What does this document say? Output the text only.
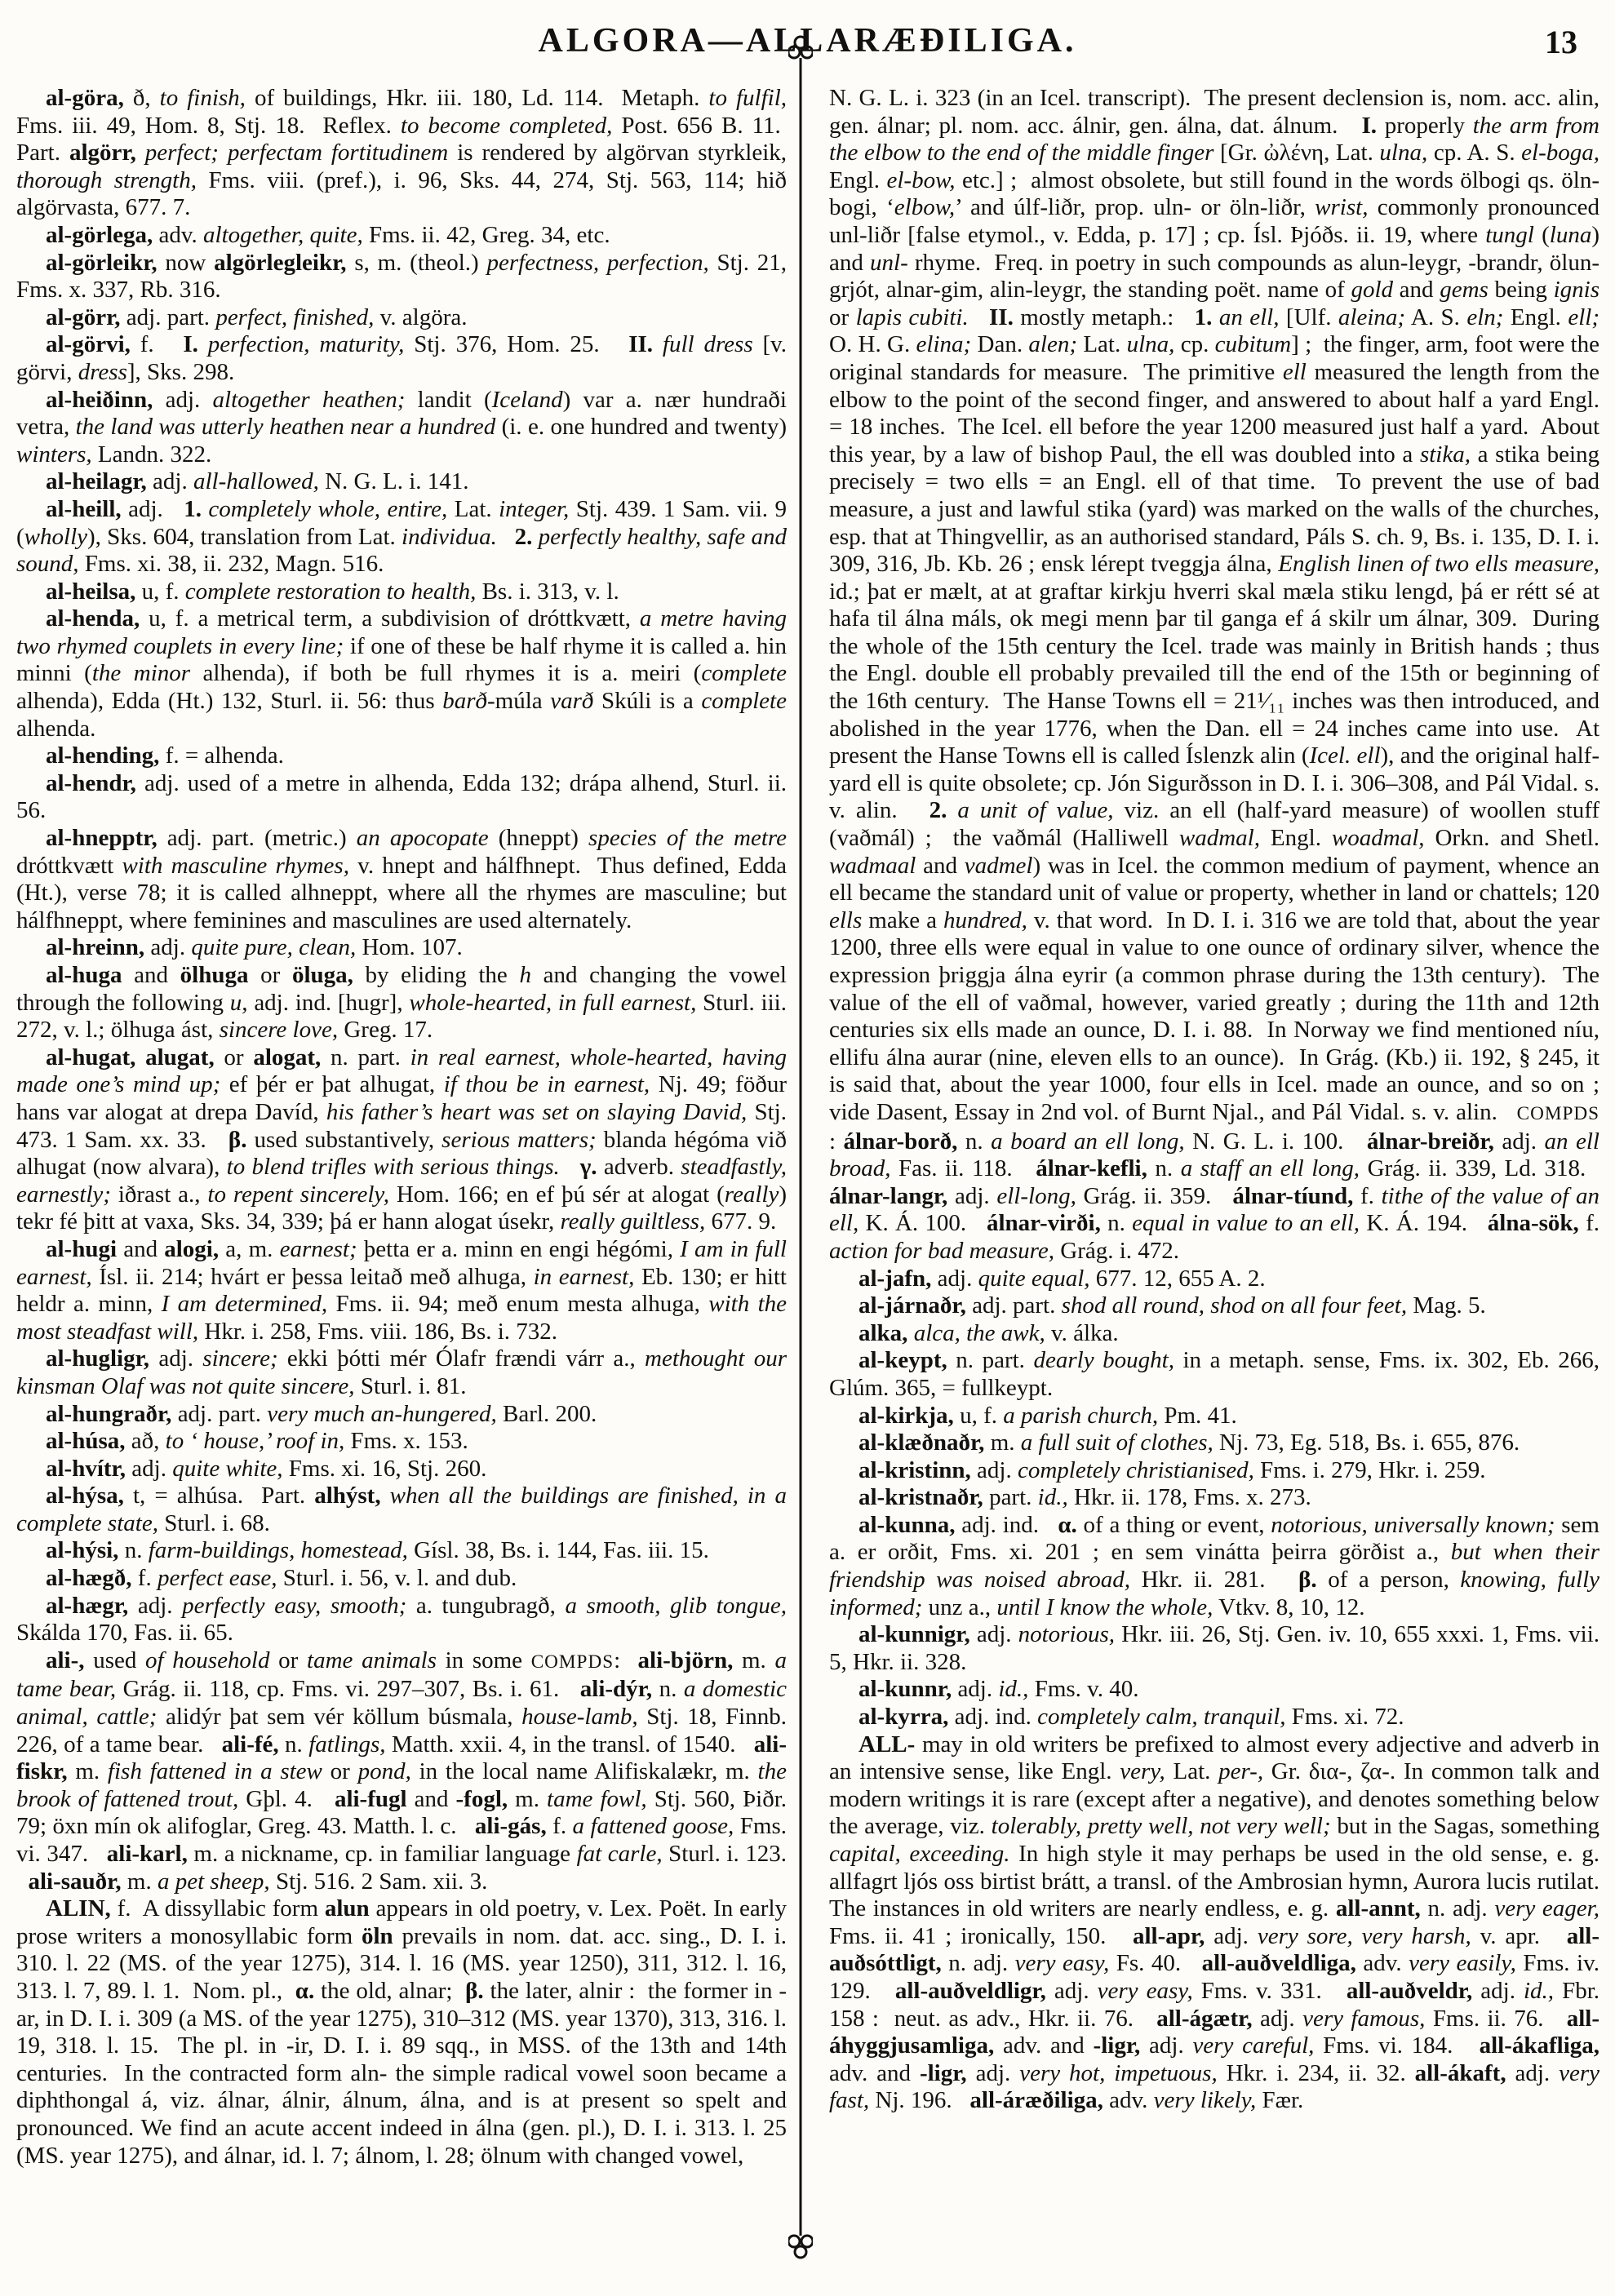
ALGORA—ALLARÆÐILIGA.	13

al-göra, ð, to finish, of buildings, Hkr. iii. 180, Ld. 114.  Metaph. to fulfil, Fms. iii. 49, Hom. 8, Stj. 18.  Reflex. to become completed, Post. 656 B. 11.  Part. algörr, perfect; perfectam fortitudinem is rendered by algörvan styrkleik, thorough strength, Fms. viii. (pref.), i. 96, Sks. 44, 274, Stj. 563, 114; hið algörvasta, 677. 7.

al-görlega, adv. altogether, quite, Fms. ii. 42, Greg. 34, etc.

al-görleikr, now algörlegleikr, s, m. (theol.) perfectness, perfection, Stj. 21, Fms. x. 337, Rb. 316.

al-görr, adj. part. perfect, finished, v. algöra.

al-görvi, f.   I. perfection, maturity, Stj. 376, Hom. 25.   II. full dress [v. görvi, dress], Sks. 298.

al-heiðinn, adj. altogether heathen; landit (Iceland) var a. nær hundraði vetra, the land was utterly heathen near a hundred (i. e. one hundred and twenty) winters, Landn. 322.

al-heilagr, adj. all-hallowed, N. G. L. i. 141.

al-heill, adj.   1. completely whole, entire, Lat. integer, Stj. 439. 1 Sam. vii. 9 (wholly), Sks. 604, translation from Lat. individua. 2. perfectly healthy, safe and sound, Fms. xi. 38, ii. 232, Magn. 516.

al-heilsa, u, f. complete restoration to health, Bs. i. 313, v. l.

al-henda, u, f. a metrical term, a subdivision of dróttkvætt, a metre having two rhymed couplets in every line; if one of these be half rhyme it is called a. hin minni (the minor alhenda), if both be full rhymes it is a. meiri (complete alhenda), Edda (Ht.) 132, Sturl. ii. 56: thus barð-múla varð Skúli is a complete alhenda.

al-hending, f. = alhenda.

al-hendr, adj. used of a metre in alhenda, Edda 132; drápa alhend, Sturl. ii. 56.

al-hnepptr, adj. part. (metric.) an apocopate (hneppt) species of the metre dróttkvætt with masculine rhymes, v. hnept and hálfhnept.  Thus defined, Edda (Ht.), verse 78; it is called alhneppt, where all the rhymes are masculine; but hálfhneppt, where feminines and masculines are used alternately.

al-hreinn, adj. quite pure, clean, Hom. 107.

al-huga and ölhuga or öluga, by eliding the h and changing the vowel through the following u, adj. ind. [hugr], whole-hearted, in full earnest, Sturl. iii. 272, v. l.; ölhuga ást, sincere love, Greg. 17.

al-hugat, alugat, or alogat, n. part. in real earnest, whole-hearted, having made one’s mind up; ef þér er þat alhugat, if thou be in earnest, Nj. 49; föður hans var alogat at drepa Davíd, his father’s heart was set on slaying David, Stj. 473. 1 Sam. xx. 33.   β. used substantively, serious matters; blanda hégóma við alhugat (now alvara), to blend trifles with serious things. γ. adverb. steadfastly, earnestly; iðrast a., to repent sincerely, Hom. 166; en ef þú sér at alogat (really) tekr fé þitt at vaxa, Sks. 34, 339; þá er hann alogat úsekr, really guiltless, 677. 9.

al-hugi and alogi, a, m. earnest; þetta er a. minn en engi hégómi, I am in full earnest, Ísl. ii. 214; hvárt er þessa leitað með alhuga, in earnest, Eb. 130; er hitt heldr a. minn, I am determined, Fms. ii. 94; með enum mesta alhuga, with the most steadfast will, Hkr. i. 258, Fms. viii. 186, Bs. i. 732.

al-hugligr, adj. sincere; ekki þótti mér Ólafr frændi várr a., methought our kinsman Olaf was not quite sincere, Sturl. i. 81.

al-hungraðr, adj. part. very much an-hungered, Barl. 200.

al-húsa, að, to ‘ house,’ roof in, Fms. x. 153.

al-hvítr, adj. quite white, Fms. xi. 16, Stj. 260.

al-hýsa, t, = alhúsa.  Part. alhýst, when all the buildings are finished, in a complete state, Sturl. i. 68.

al-hýsi, n. farm-buildings, homestead, Gísl. 38, Bs. i. 144, Fas. iii. 15.

al-hægð, f. perfect ease, Sturl. i. 56, v. l. and dub.

al-hægr, adj. perfectly easy, smooth; a. tungubragð, a smooth, glib tongue, Skálda 170, Fas. ii. 65.

ali-, used of household or tame animals in some COMPDS:  ali-björn, m. a tame bear, Grág. ii. 118, cp. Fms. vi. 297–307, Bs. i. 61.   ali-dýr, n. a domestic animal, cattle; alidýr þat sem vér köllum búsmala, house-lamb, Stj. 18, Finnb. 226, of a tame bear.   ali-fé, n. fatlings, Matth. xxii. 4, in the transl. of 1540.   ali-fiskr, m. fish fattened in a stew or pond, in the local name Alifiskalækr, m. the brook of fattened trout, Gþl. 4.   ali-fugl and -fogl, m. tame fowl, Stj. 560, Þiðr. 79; öxn mín ok alifoglar, Greg. 43. Matth. l. c.   ali-gás, f. a fattened goose, Fms. vi. 347.   ali-karl, m. a nickname, cp. in familiar language fat carle, Sturl. i. 123.   ali-sauðr, m. a pet sheep, Stj. 516. 2 Sam. xii. 3.

ALIN, f.  A dissyllabic form alun appears in old poetry, v. Lex. Poët. In early prose writers a monosyllabic form öln prevails in nom. dat. acc. sing., D. I. i. 310. l. 22 (MS. of the year 1275), 314. l. 16 (MS. year 1250), 311, 312. l. 16, 313. l. 7, 89. l. 1.  Nom. pl.,  α. the old, alnar;  β. the later, alnir :  the former in -ar, in D. I. i. 309 (a MS. of the year 1275), 310–312 (MS. year 1370), 313, 316. l. 19, 318. l. 15.  The pl. in -ir, D. I. i. 89 sqq., in MSS. of the 13th and 14th centuries.  In the contracted form aln- the simple radical vowel soon became a diphthongal á, viz. álnar, álnir, álnum, álna, and is at present so spelt and pronounced. We find an acute accent indeed in álna (gen. pl.), D. I. i. 313. l. 25 (MS. year 1275), and álnar, id. l. 7; álnom, l. 28; ölnum with changed vowel,

N. G. L. i. 323 (in an Icel. transcript).  The present declension is, nom. acc. alin, gen. álnar; pl. nom. acc. álnir, gen. álna, dat. álnum.   I. properly the arm from the elbow to the end of the middle finger [Gr. ὠλένη, Lat. ulna, cp. A. S. el-boga, Engl. el-bow, etc.] ;  almost obsolete, but still found in the words ölbogi qs. öln-bogi, ‘elbow,’ and úlf-liðr, prop. uln- or öln-liðr, wrist, commonly pronounced unl-liðr [false etymol., v. Edda, p. 17] ; cp. Ísl. Þjóðs. ii. 19, where tungl (luna) and unl- rhyme.  Freq. in poetry in such compounds as alun-leygr, -brandr, ölun-grjót, alnar-gim, alin-leygr, the standing poët. name of gold and gems being ignis or lapis cubiti. II. mostly metaph.:   1. an ell, [Ulf. aleina; A. S. eln; Engl. ell; O. H. G. elina; Dan. alen; Lat. ulna, cp. cubitum] ;  the finger, arm, foot were the original standards for measure.  The primitive ell measured the length from the elbow to the point of the second finger, and answered to about half a yard Engl. = 18 inches.  The Icel. ell before the year 1200 measured just half a yard.  About this year, by a law of bishop Paul, the ell was doubled into a stika, a stika being precisely = two ells = an Engl. ell of that time.  To prevent the use of bad measure, a just and lawful stika (yard) was marked on the walls of the churches, esp. that at Thingvellir, as an authorised standard, Páls S. ch. 9, Bs. i. 135, D. I. i. 309, 316, Jb. Kb. 26 ; ensk lérept tveggja álna, English linen of two ells measure, id.; þat er mælt, at at graftar kirkju hverri skal mæla stiku lengd, þá er rétt sé at hafa til álna máls, ok megi menn þar til ganga ef á skilr um álnar, 309.  During the whole of the 15th century the Icel. trade was mainly in British hands ; thus the Engl. double ell probably prevailed till the end of the 15th or beginning of the 16th century.  The Hanse Towns ell = 21¹⁄₁₁ inches was then introduced, and abolished in the year 1776, when the Dan. ell = 24 inches came into use.  At present the Hanse Towns ell is called Íslenzk alin (Icel. ell), and the original half-yard ell is quite obsolete; cp. Jón Sigurðsson in D. I. i. 306–308, and Pál Vidal. s. v. alin.   2. a unit of value, viz. an ell (half-yard measure) of woollen stuff (vaðmál) ;  the vaðmál (Halliwell wadmal, Engl. woadmal, Orkn. and Shetl. wadmaal and vadmel) was in Icel. the common medium of payment, whence an ell became the standard unit of value or property, whether in land or chattels; 120 ells make a hundred, v. that word.  In D. I. i. 316 we are told that, about the year 1200, three ells were equal in value to one ounce of ordinary silver, whence the expression þriggja álna eyrir (a common phrase during the 13th century).  The value of the ell of vaðmal, however, varied greatly ; during the 11th and 12th centuries six ells made an ounce, D. I. i. 88.  In Norway we find mentioned níu, ellifu álna aurar (nine, eleven ells to an ounce).  In Grág. (Kb.) ii. 192, § 245, it is said that, about the year 1000, four ells in Icel. made an ounce, and so on ; vide Dasent, Essay in 2nd vol. of Burnt Njal., and Pál Vidal. s. v. alin.   COMPDS : álnar-borð, n. a board an ell long, N. G. L. i. 100.   álnar-breiðr, adj. an ell broad, Fas. ii. 118.   álnar-kefli, n. a staff an ell long, Grág. ii. 339, Ld. 318.   álnar-langr, adj. ell-long, Grág. ii. 359.   álnar-tíund, f. tithe of the value of an ell, K. Á. 100.   álnar-virði, n. equal in value to an ell, K. Á. 194.   álna-sök, f. action for bad measure, Grág. i. 472.

al-jafn, adj. quite equal, 677. 12, 655 A. 2.

al-járnaðr, adj. part. shod all round, shod on all four feet, Mag. 5.

alka, alca, the awk, v. álka.

al-keypt, n. part. dearly bought, in a metaph. sense, Fms. ix. 302, Eb. 266, Glúm. 365, = fullkeypt.

al-kirkja, u, f. a parish church, Pm. 41.

al-klæðnaðr, m. a full suit of clothes, Nj. 73, Eg. 518, Bs. i. 655, 876.

al-kristinn, adj. completely christianised, Fms. i. 279, Hkr. i. 259.

al-kristnaðr, part. id., Hkr. ii. 178, Fms. x. 273.

al-kunna, adj. ind.   α. of a thing or event, notorious, universally known; sem a. er orðit, Fms. xi. 201 ; en sem vinátta þeirra görðist a., but when their friendship was noised abroad, Hkr. ii. 281.   β. of a person, knowing, fully informed; unz a., until I know the whole, Vtkv. 8, 10, 12.

al-kunnigr, adj. notorious, Hkr. iii. 26, Stj. Gen. iv. 10, 655 xxxi. 1, Fms. vii. 5, Hkr. ii. 328.

al-kunnr, adj. id., Fms. v. 40.

al-kyrra, adj. ind. completely calm, tranquil, Fms. xi. 72.

ALL- may in old writers be prefixed to almost every adjective and adverb in an intensive sense, like Engl. very, Lat. per-, Gr. δια-, ζα-. In common talk and modern writings it is rare (except after a negative), and denotes something below the average, viz. tolerably, pretty well, not very well; but in the Sagas, something capital, exceeding. In high style it may perhaps be used in the old sense, e. g. allfagrt ljós oss birtist brátt, a transl. of the Ambrosian hymn, Aurora lucis rutilat. The instances in old writers are nearly endless, e. g. all-annt, n. adj. very eager, Fms. ii. 41 ; ironically, 150.   all-apr, adj. very sore, very harsh, v. apr.   all-auðsóttligt, n. adj. very easy, Fs. 40.   all-auðveldliga, adv. very easily, Fms. iv. 129.   all-auðveldligr, adj. very easy, Fms. v. 331.   all-auðveldr, adj. id., Fbr. 158 :  neut. as adv., Hkr. ii. 76.   all-ágætr, adj. very famous, Fms. ii. 76.   all-áhyggjusamliga, adv. and -ligr, adj. very careful, Fms. vi. 184.   all-ákafliga, adv. and -ligr, adj. very hot, impetuous, Hkr. i. 234, ii. 32. all-ákaft, adj. very fast, Nj. 196.   all-áræðiliga, adv. very likely, Fær.
